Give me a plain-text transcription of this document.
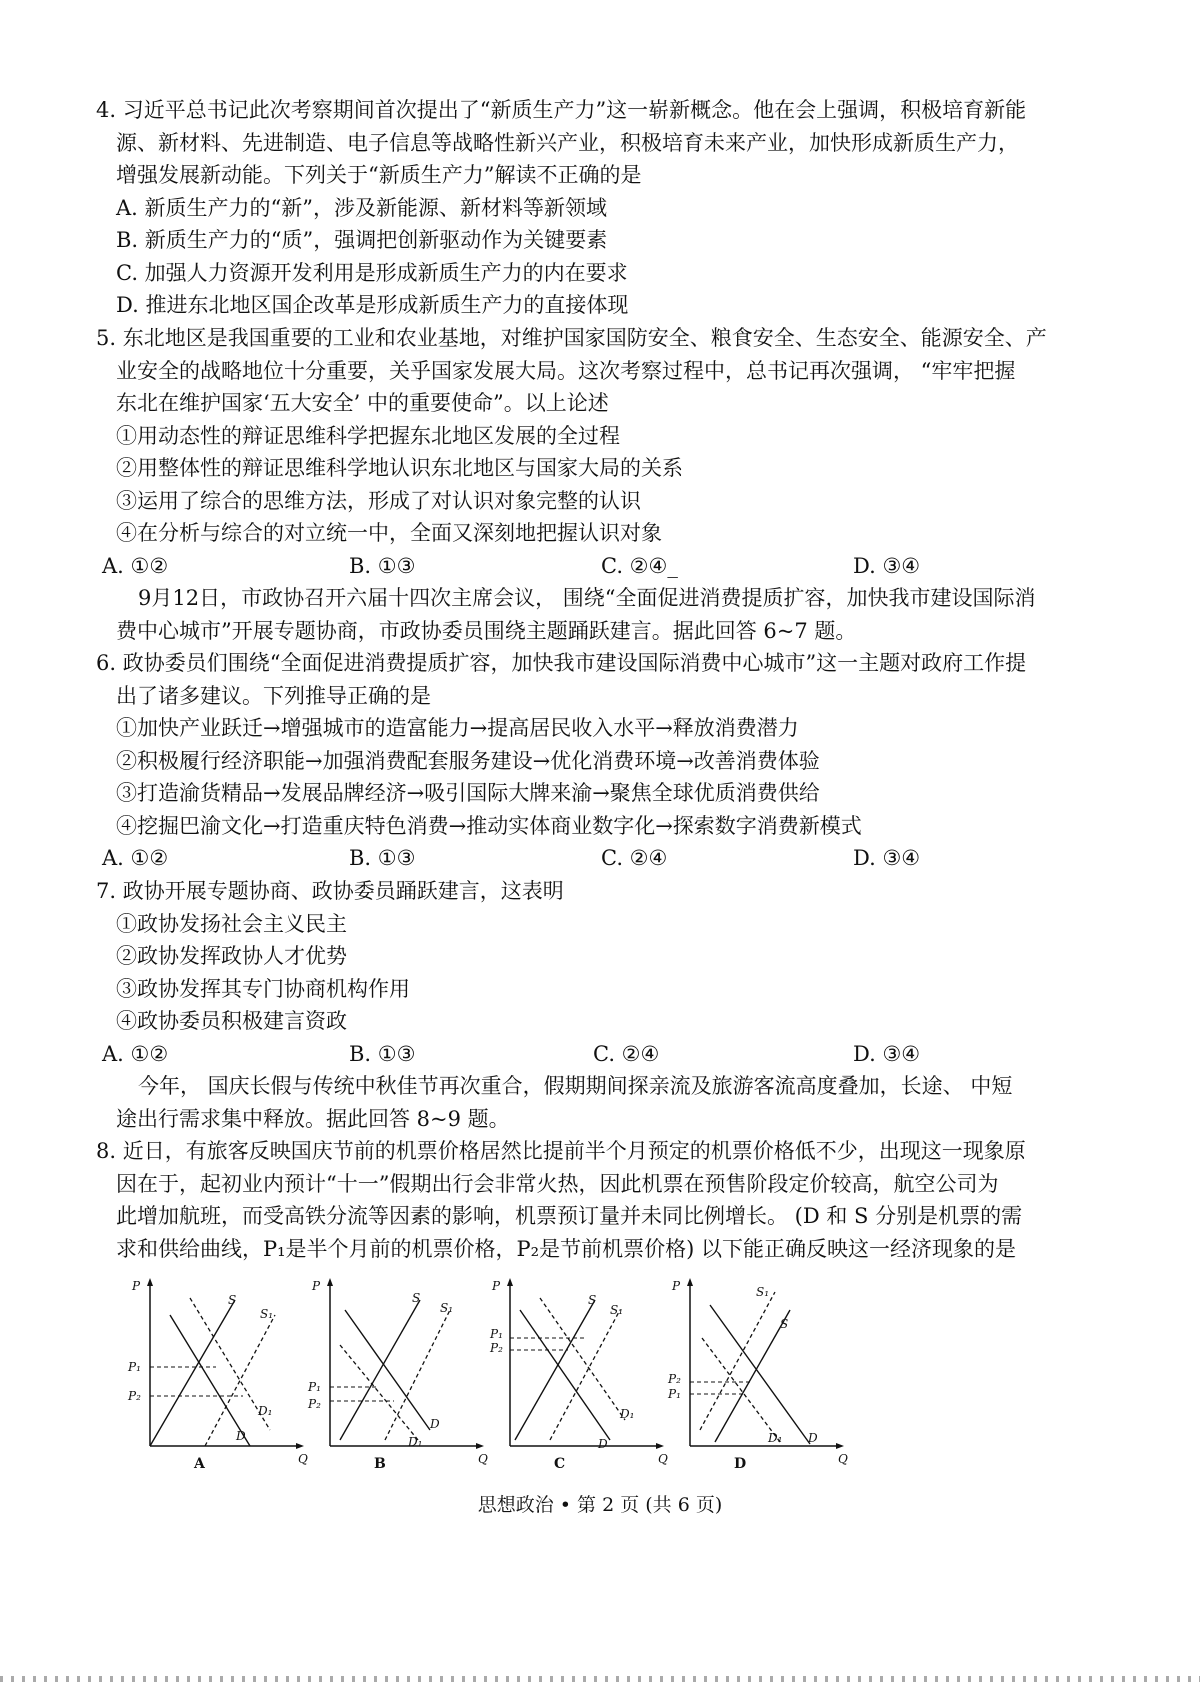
4. 习近平总书记此次考察期间首次提出了“新质生产力”这一崭新概念。他在会上强调，积极培育新能
源、新材料、先进制造、电子信息等战略性新兴产业，积极培育未来产业，加快形成新质生产力，
增强发展新动能。下列关于“新质生产力”解读不正确的是
A. 新质生产力的“新”，涉及新能源、新材料等新领域
B. 新质生产力的“质”，强调把创新驱动作为关键要素
C. 加强人力资源开发利用是形成新质生产力的内在要求
D. 推进东北地区国企改革是形成新质生产力的直接体现
5. 东北地区是我国重要的工业和农业基地，对维护国家国防安全、粮食安全、生态安全、能源安全、产
业安全的战略地位十分重要，关乎国家发展大局。这次考察过程中，总书记再次强调， “牢牢把握
东北在维护国家‘五大安全’ 中的重要使命”。以上论述
①用动态性的辩证思维科学把握东北地区发展的全过程
②用整体性的辩证思维科学地认识东北地区与国家大局的关系
③运用了综合的思维方法，形成了对认识对象完整的认识
④在分析与综合的对立统一中，全面又深刻地把握认识对象
A. ①②	B. ①③	C. ②④_	D. ③④
9月12日，市政协召开六届十四次主席会议， 围绕“全面促进消费提质扩容，加快我市建设国际消
费中心城市”开展专题协商，市政协委员围绕主题踊跃建言。据此回答 6~7 题。
6. 政协委员们围绕“全面促进消费提质扩容，加快我市建设国际消费中心城市”这一主题对政府工作提
出了诸多建议。下列推导正确的是
①加快产业跃迁→增强城市的造富能力→提高居民收入水平→释放消费潜力
②积极履行经济职能→加强消费配套服务建设→优化消费环境→改善消费体验
③打造渝货精品→发展品牌经济→吸引国际大牌来渝→聚焦全球优质消费供给
④挖掘巴渝文化→打造重庆特色消费→推动实体商业数字化→探索数字消费新模式
A. ①②	B. ①③	C. ②④	D. ③④
7. 政协开展专题协商、政协委员踊跃建言，这表明
①政协发扬社会主义民主
②政协发挥政协人才优势
③政协发挥其专门协商机构作用
④政协委员积极建言资政
A. ①②	B. ①③	C. ②④	D. ③④
今年， 国庆长假与传统中秋佳节再次重合，假期期间探亲流及旅游客流高度叠加，长途、 中短
途出行需求集中释放。据此回答 8~9 题。
8. 近日，有旅客反映国庆节前的机票价格居然比提前半个月预定的机票价格低不少，出现这一现象原
因在于，起初业内预计“十一”假期出行会非常火热，因此机票在预售阶段定价较高，航空公司为
此增加航班，而受高铁分流等因素的影响，机票预订量并未同比例增长。 (D 和 S 分别是机票的需
求和供给曲线，P₁是半个月前的机票价格，P₂是节前机票价格) 以下能正确反映这一经济现象的是
P
Q
P₁
P₂
S
S₁
D
D₁
A
P
Q
P₁
P₂
S
S₁
D
D₁
B
P
Q
P₁
P₂
S
S₁
D
D₁
C
P
Q
P₂
P₁
S
S₁
D
D₁
D
思想政治 • 第 2 页 (共 6 页)
